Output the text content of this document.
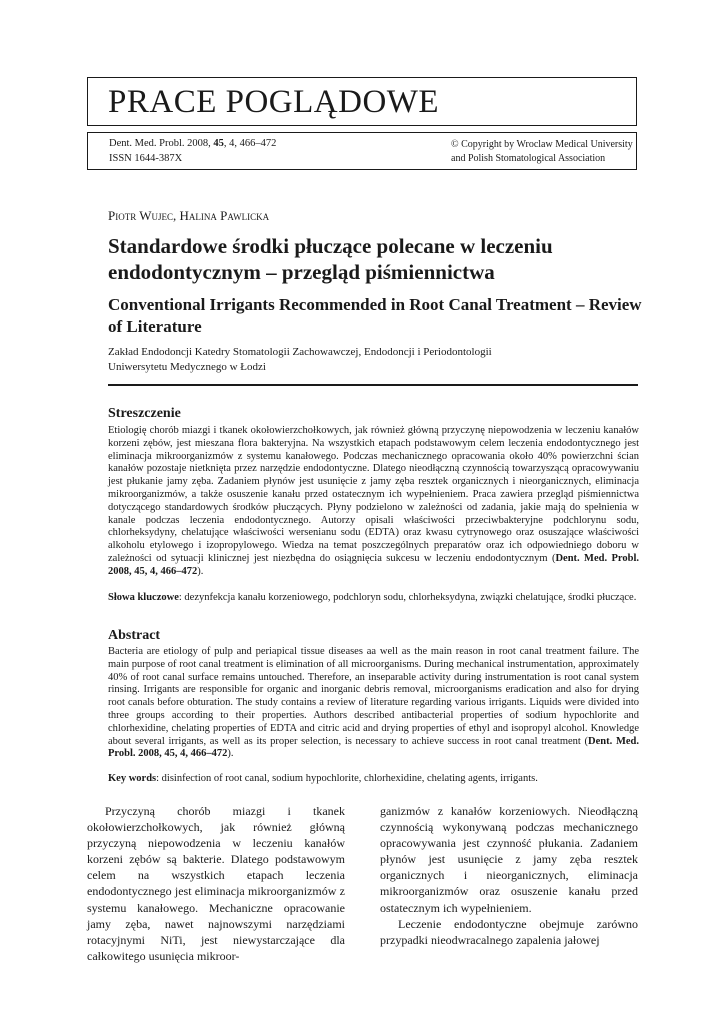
PRACE POGLĄDOWE
Dent. Med. Probl. 2008, 45, 4, 466–472
ISSN 1644-387X
© Copyright by Wroclaw Medical University
and Polish Stomatological Association
Piotr Wujec, Halina Pawlicka
Standardowe środki płuczące polecane w leczeniu endodontycznym – przegląd piśmiennictwa
Conventional Irrigants Recommended in Root Canal Treatment – Review of Literature
Zakład Endodoncji Katedry Stomatologii Zachowawczej, Endodoncji i Periodontologii
Uniwersytetu Medycznego w Łodzi
Streszczenie

Etiologię chorób miazgi i tkanek okołowierzchołkowych, jak również główną przyczynę niepowodzenia w leczeniu kanałów korzeni zębów, jest mieszana flora bakteryjna. Na wszystkich etapach podstawowym celem leczenia endodontycznego jest eliminacja mikroorganizmów z systemu kanałowego. Podczas mechanicznego opracowania około 40% powierzchni ścian kanałów pozostaje nietknięta przez narzędzie endodontyczne. Dlatego nieodłączną czynnością towarzyszącą opracowywaniu jest płukanie jamy zęba. Zadaniem płynów jest usunięcie z jamy zęba resztek organicznych i nieorganicznych, eliminacja mikroorganizmów, a także osuszenie kanału przed ostatecznym ich wypełnieniem. Praca zawiera przegląd piśmiennictwa dotyczącego standardowych środków płuczących. Płyny podzielono w zależności od zadania, jakie mają do spełnienia w kanale podczas leczenia endodontycznego. Autorzy opisali właściwości przeciwbakteryjne podchlorynu sodu, chlorheksydyny, chelatujące właściwości wersenianu sodu (EDTA) oraz kwasu cytrynowego oraz osuszające właściwości alkoholu etylowego i izopropylowego. Wiedza na temat poszczególnych preparatów oraz ich odpowiedniego doboru w zależności od sytuacji klinicznej jest niezbędna do osiągnięcia sukcesu w leczeniu endodontycznym (Dent. Med. Probl. 2008, 45, 4, 466–472).

Słowa kluczowe: dezynfekcja kanału korzeniowego, podchloryn sodu, chlorheksydyna, związki chelatujące, środki płuczące.

Abstract

Bacteria are etiology of pulp and periapical tissue diseases aa well as the main reason in root canal treatment failure. The main purpose of root canal treatment is elimination of all microorganisms. During mechanical instrumentation, approximately 40% of root canal surface remains untouched. Therefore, an inseparable activity during instrumentation is root canal system rinsing. Irrigants are responsible for organic and inorganic debris removal, microorganisms eradication and also for drying root canals before obturation. The study contains a review of literature regarding various irrigants. Liquids were divided into three groups according to their properties. Authors described antibacterial properties of sodium hypochlorite and chlorhexidine, chelating properties of EDTA and citric acid and drying properties of ethyl and isopropyl alcohol. Knowledge about several irrigants, as well as its proper selection, is necessary to achieve success in root canal treatment (Dent. Med. Probl. 2008, 45, 4, 466–472).

Key words: disinfection of root canal, sodium hypochlorite, chlorhexidine, chelating agents, irrigants.

Przyczyną chorób miazgi i tkanek okołowierzchołkowych, jak również główną przyczyną niepowodzenia w leczeniu kanałów korzeni zębów są bakterie. Dlatego podstawowym celem na wszystkich etapach leczenia endodontycznego jest eliminacja mikroorganizmów z systemu kanałowego. Mechaniczne opracowanie jamy zęba, nawet najnowszymi narzędziami rotacyjnymi NiTi, jest niewystarczające dla całkowitego usunięcia mikroor-

ganizmów z kanałów korzeniowych. Nieodłączną czynnością wykonywaną podczas mechanicznego opracowywania jest czynność płukania. Zadaniem płynów jest usunięcie z jamy zęba resztek organicznych i nieorganicznych, eliminacja mikroorganizmów oraz osuszenie kanału przed ostatecznym ich wypełnieniem.

Leczenie endodontyczne obejmuje zarówno przypadki nieodwracalnego zapalenia jałowej
